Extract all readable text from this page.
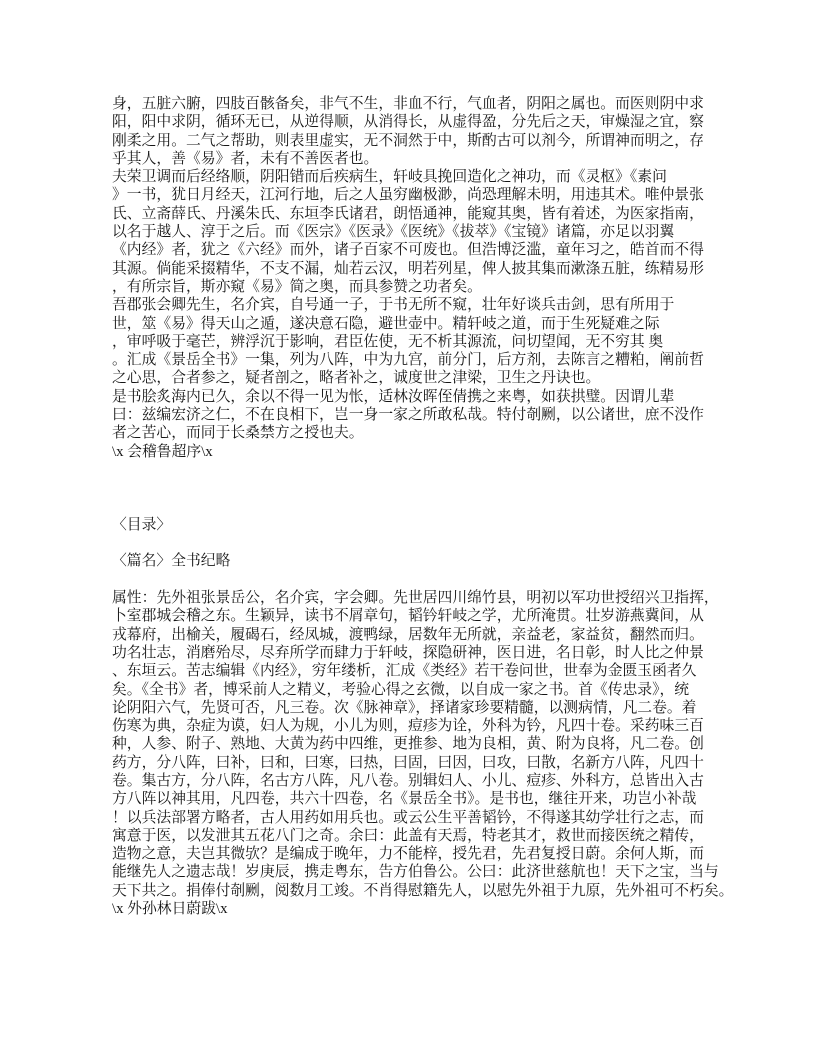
身，五脏六腑，四肢百骸备矣，非气不生，非血不行，气血者，阴阳之属也。而医则阴中求
阳，阳中求阴，循环无已，从逆得顺，从消得长，从虚得盈，分先后之天，审燥湿之宜，察
刚柔之用。二气之帮助，则表里虚实，无不洞然于中，斯酌古可以剂今，所谓神而明之，存
乎其人，善《易》者，未有不善医者也。
夫荣卫调而后经络顺，阴阳错而后疾病生，轩岐具挽回造化之神功，而《灵枢》《素问
》一书，犹日月经天，江河行地，后之人虽穷幽极渺，尚恐理解未明，用违其术。唯仲景张
氏、立斋薛氏、丹溪朱氏、东垣李氏诸君，朗悟通神，能窥其奥，皆有着述，为医家指南，
以名于越人、淳于之后。而《医宗》《医录》《医统》《拔萃》《宝镜》诸篇，亦足以羽翼
《内经》者，犹之《六经》而外，诸子百家不可废也。但浩博泛滥，童年习之，皓首而不得
其源。倘能采掇精华，不支不漏，灿若云汉，明若列星，俾人披其集而漱涤五脏，练精易形
，有所宗旨，斯亦窥《易》简之奥，而具参赞之功者矣。
吾郡张会卿先生，名介宾，自号通一子，于书无所不窥，壮年好谈兵击剑，思有所用于
世，筮《易》得天山之遁，遂决意石隐，避世壶中。精轩岐之道，而于生死疑难之际
，审呼吸于毫芒，辨浮沉于影响，君臣佐使，无不析其源流，问切望闻，无不穷其 奥
。汇成《景岳全书》一集，列为八阵，中为九宫，前分门，后方剂，去陈言之糟粕，阐前哲
之心思，合者参之，疑者剖之，略者补之，诚度世之津梁，卫生之丹诀也。
是书脍炙海内已久，余以不得一见为怅，适林汝晖侄倩携之来粤，如获拱璧。因谓儿辈
曰：兹编宏济之仁，不在良相下，岂一身一家之所敢私哉。特付剞劂，以公诸世，庶不没作
者之苦心，而同于长桑禁方之授也夫。
\x 会稽鲁超序\x
〈目录〉
〈篇名〉全书纪略
属性：先外祖张景岳公，名介宾，字会卿。先世居四川绵竹县，明初以军功世授绍兴卫指挥，
卜室郡城会稽之东。生颖异，读书不屑章句，韬钤轩岐之学，尤所淹贯。壮岁游燕冀间，从
戎幕府，出榆关，履碣石，经凤城，渡鸭绿，居数年无所就，亲益老，家益贫，翻然而归。
功名壮志，消磨殆尽，尽弃所学而肆力于轩岐，探隐研神，医日进，名日彰，时人比之仲景
、东垣云。苦志编辑《内经》，穷年缕析，汇成《类经》若干卷问世，世奉为金匮玉函者久
矣。《全书》者，博采前人之精义，考验心得之玄微，以自成一家之书。首《传忠录》，统
论阴阳六气，先贤可否，凡三卷。次《脉神章》，择诸家珍要精髓，以测病情，凡二卷。着
伤寒为典，杂症为谟，妇人为规，小儿为则，痘疹为诠，外科为钤，凡四十卷。采药味三百
种，人参、附子、熟地、大黄为药中四维，更推参、地为良相，黄、附为良将，凡二卷。创
药方，分八阵，曰补，曰和，曰寒，曰热，曰固，曰因，曰攻，曰散，名新方八阵，凡四十
卷。集古方，分八阵，名古方八阵，凡八卷。别辑妇人、小儿、痘疹、外科方，总皆出入古
方八阵以神其用，凡四卷，共六十四卷，名《景岳全书》。是书也，继往开来，功岂小补哉
！以兵法部署方略者，古人用药如用兵也。或云公生平善韬钤，不得遂其幼学壮行之志，而
寓意于医，以发泄其五花八门之奇。余曰：此盖有天焉，特老其才，救世而接医统之精传，
造物之意，夫岂其微欤？是编成于晚年，力不能梓，授先君，先君复授日蔚。余何人斯，而
能继先人之遗志哉！岁庚辰，携走粤东，告方伯鲁公。公曰：此济世慈航也！天下之宝，当与
天下共之。捐俸付剞劂，阅数月工竣。不肖得慰籍先人，以慰先外祖于九原，先外祖可不朽矣。
\x 外孙林日蔚跋\x
